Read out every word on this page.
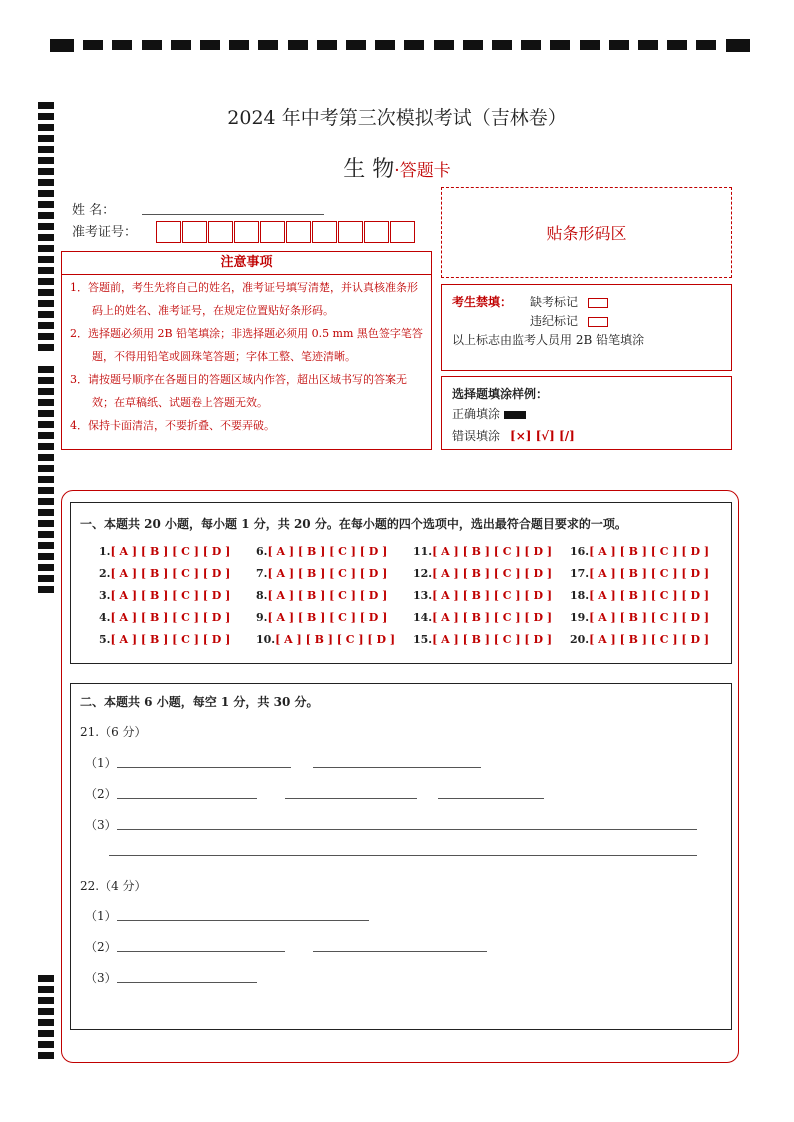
2024 年中考第三次模拟考试（吉林卷）
生 物·答题卡
姓 名：
准考证号：	贴条形码区
注意事项
1．答题前，考生先将自己的姓名，准考证号填写清楚，并认真核准条形码上的姓名、准考证号，在规定位置贴好条形码。
2．选择题必须用 2B 铅笔填涂；非选择题必须用 0.5 mm 黑色签字笔答题，不得用铅笔或圆珠笔答题；字体工整、笔迹清晰。
3．请按题号顺序在各题目的答题区域内作答，超出区域书写的答案无效；在草稿纸、试题卷上答题无效。
4．保持卡面清洁，不要折叠、不要弄破。
考生禁填： 缺考标记
违纪标记
以上标志由监考人员用 2B 铅笔填涂
选择题填涂样例：
正确填涂
错误填涂 [×] [√] [/]
一、本题共 20 小题，每小题 1 分，共 20 分。在每小题的四个选项中，选出最符合题目要求的一项。
1.[ A ] [ B ] [ C ] [ D ]	6.[ A ] [ B ] [ C ] [ D ]	11.[ A ] [ B ] [ C ] [ D ]	16.[ A ] [ B ] [ C ] [ D ]
2.[ A ] [ B ] [ C ] [ D ]	7.[ A ] [ B ] [ C ] [ D ]	12.[ A ] [ B ] [ C ] [ D ]	17.[ A ] [ B ] [ C ] [ D ]
3.[ A ] [ B ] [ C ] [ D ]	8.[ A ] [ B ] [ C ] [ D ]	13.[ A ] [ B ] [ C ] [ D ]	18.[ A ] [ B ] [ C ] [ D ]
4.[ A ] [ B ] [ C ] [ D ]	9.[ A ] [ B ] [ C ] [ D ]	14.[ A ] [ B ] [ C ] [ D ]	19.[ A ] [ B ] [ C ] [ D ]
5.[ A ] [ B ] [ C ] [ D ]	10.[ A ] [ B ] [ C ] [ D ]	15.[ A ] [ B ] [ C ] [ D ]	20.[ A ] [ B ] [ C ] [ D ]
二、本题共 6 小题，每空 1 分，共 30 分。
21.（6 分）
（1）
（2）
（3）
22.（4 分）
（1）
（2）
（3）
